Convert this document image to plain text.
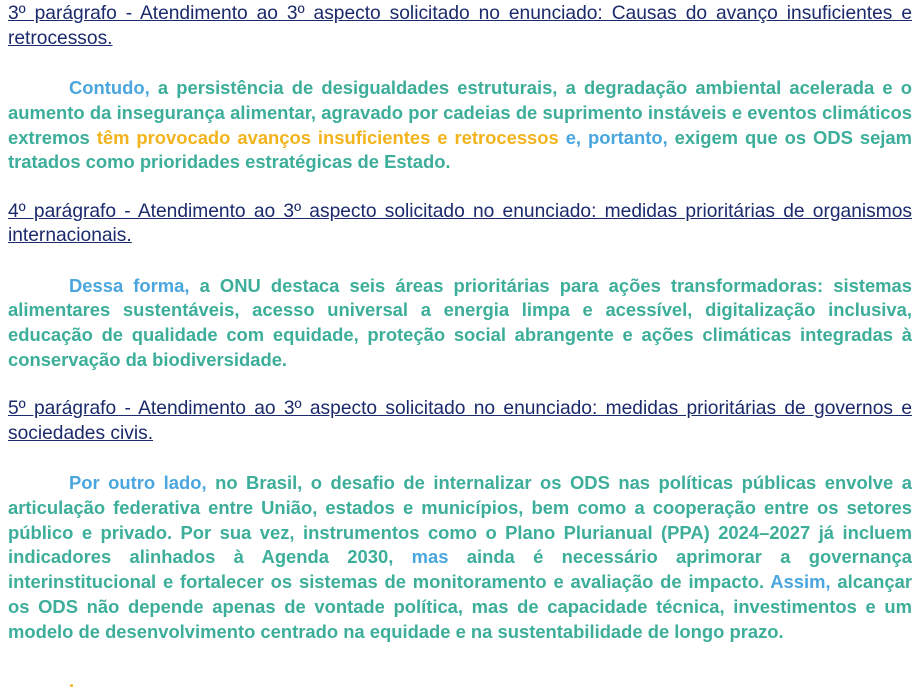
3º parágrafo - Atendimento ao 3º aspecto solicitado no enunciado: Causas do avanço insuficientes e retrocessos.

Contudo, a persistência de desigualdades estruturais, a degradação ambiental acelerada e o aumento da insegurança alimentar, agravado por cadeias de suprimento instáveis e eventos climáticos extremos têm provocado avanços insuficientes e retrocessos e, portanto, exigem que os ODS sejam tratados como prioridades estratégicas de Estado.

4º parágrafo - Atendimento ao 3º aspecto solicitado no enunciado: medidas prioritárias de organismos internacionais.

Dessa forma, a ONU destaca seis áreas prioritárias para ações transformadoras: sistemas alimentares sustentáveis, acesso universal a energia limpa e acessível, digitalização inclusiva, educação de qualidade com equidade, proteção social abrangente e ações climáticas integradas à conservação da biodiversidade.

5º parágrafo - Atendimento ao 3º aspecto solicitado no enunciado: medidas prioritárias de governos e sociedades civis.

Por outro lado, no Brasil, o desafio de internalizar os ODS nas políticas públicas envolve a articulação federativa entre União, estados e municípios, bem como a cooperação entre os setores público e privado. Por sua vez, instrumentos como o Plano Plurianual (PPA) 2024–2027 já incluem indicadores alinhados à Agenda 2030, mas ainda é necessário aprimorar a governança interinstitucional e fortalecer os sistemas de monitoramento e avaliação de impacto. Assim, alcançar os ODS não depende apenas de vontade política, mas de capacidade técnica, investimentos e um modelo de desenvolvimento centrado na equidade e na sustentabilidade de longo prazo.

.
